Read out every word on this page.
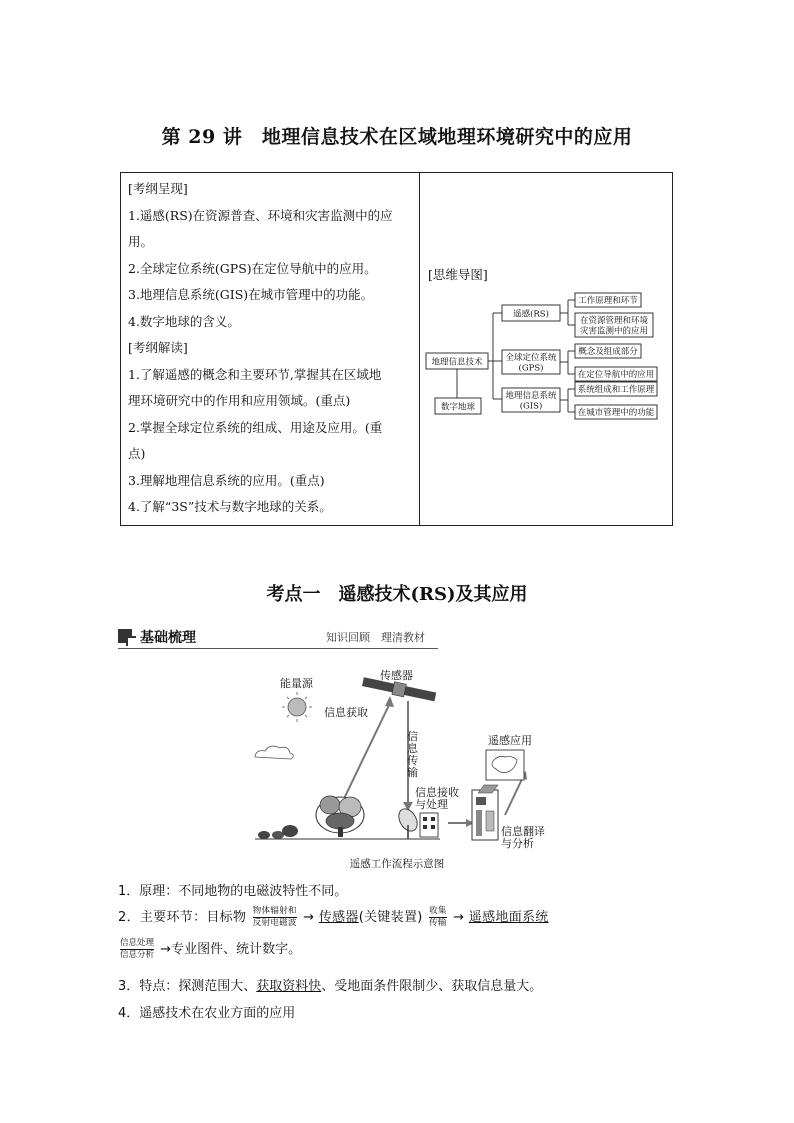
第 29 讲　地理信息技术在区域地理环境研究中的应用
[考纲呈现]
1.遥感(RS)在资源普查、环境和灾害监测中的应
用。
2.全球定位系统(GPS)在定位导航中的应用。
3.地理信息系统(GIS)在城市管理中的功能。
4.数字地球的含义。
[考纲解读]
1.了解遥感的概念和主要环节,掌握其在区域地
理环境研究中的作用和应用领域。(重点)
2.掌握全球定位系统的组成、用途及应用。(重
点)
3.理解地理信息系统的应用。(重点)
4.了解“3S”技术与数字地球的关系。
[思维导图]
地理信息技术
数字地球
遥感(RS)
全球定位系统
(GPS)
地理信息系统
(GIS)
工作原理和环节
在资源管理和环境
灾害监测中的应用
概念及组成部分
在定位导航中的应用
系统组成和工作原理
在城市管理中的功能
考点一　遥感技术(RS)及其应用
基础梳理	知识回顾　理清教材
能量源
传感器
信息获取
信
息
传
输
遥感应用
信息接收
与处理
信息翻译
与分析
遥感工作流程示意图
1．原理：不同地物的电磁波特性不同。
2．主要环节：目标物 物体辐射和
反射电磁波 → 传感器(关键装置) 收集
传输 → 遥感地面系统
信息处理
信息分析 →专业图件、统计数字。
3．特点：探测范围大、获取资料快、受地面条件限制少、获取信息量大。
4．遥感技术在农业方面的应用
